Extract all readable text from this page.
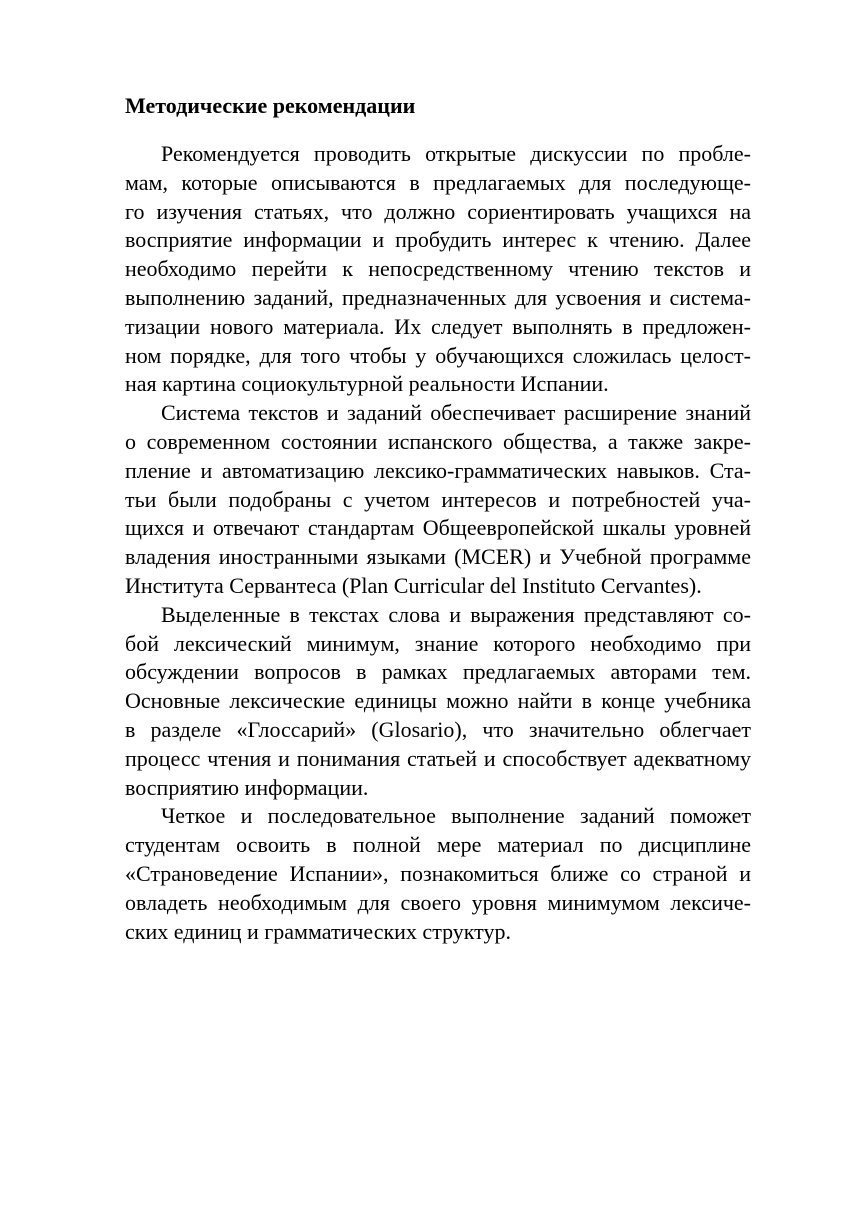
Методические рекомендации
Рекомендуется проводить открытые дискуссии по пробле-
мам, которые описываются в предлагаемых для последующе-
го изучения статьях, что должно сориентировать учащихся на
восприятие информации и пробудить интерес к чтению. Далее
необходимо перейти к непосредственному чтению текстов и
выполнению заданий, предназначенных для усвоения и система-
тизации нового материала. Их следует выполнять в предложен-
ном порядке, для того чтобы у обучающихся сложилась целост-
ная картина социокультурной реальности Испании.
Система текстов и заданий обеспечивает расширение знаний
о современном состоянии испанского общества, а также закре-
пление и автоматизацию лексико-грамматических навыков. Ста-
тьи были подобраны с учетом интересов и потребностей уча-
щихся и отвечают стандартам Общеевропейской шкалы уровней
владения иностранными языками (MCER) и Учебной программе
Института Сервантеса (Plan Curricular del Instituto Cervantes).
Выделенные в текстах слова и выражения представляют со-
бой лексический минимум, знание которого необходимо при
обсуждении вопросов в рамках предлагаемых авторами тем.
Основные лексические единицы можно найти в конце учебника
в разделе «Глоссарий» (Glosario), что значительно облегчает
процесс чтения и понимания статьей и способствует адекватному
восприятию информации.
Четкое и последовательное выполнение заданий поможет
студентам освоить в полной мере материал по дисциплине
«Страноведение Испании», познакомиться ближе со страной и
овладеть необходимым для своего уровня минимумом лексиче-
ских единиц и грамматических структур.
